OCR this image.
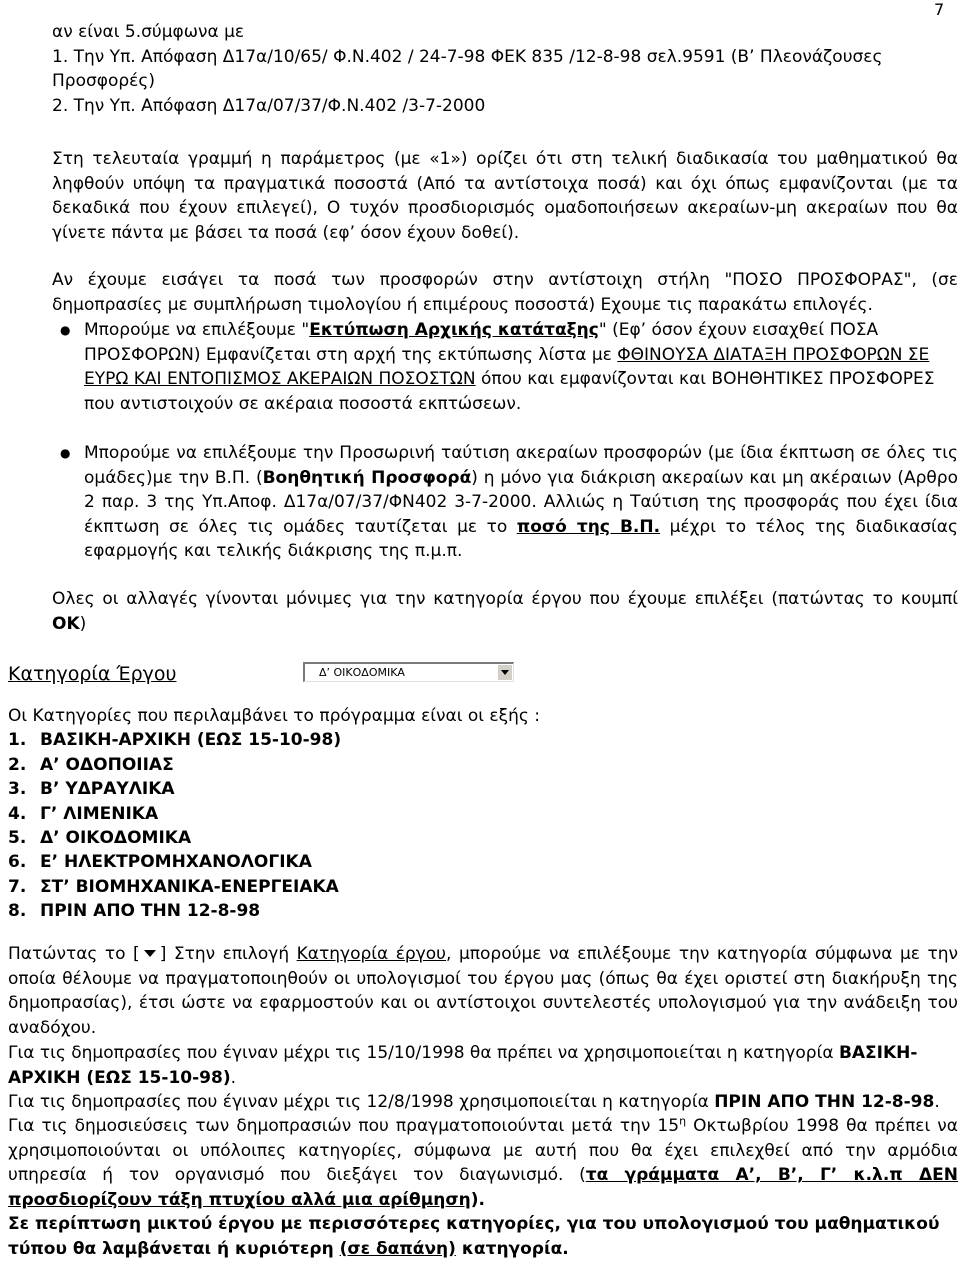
7
αν είναι 5.σύμφωνα με
1. Την Υπ. Απόφαση Δ17α/10/65/ Φ.Ν.402 / 24-7-98 ΦΕΚ 835 /12-8-98 σελ.9591 (Β’ Πλεονάζουσες Προσφορές)
2. Την Υπ. Απόφαση Δ17α/07/37/Φ.Ν.402 /3-7-2000
Στη τελευταία γραμμή η παράμετρος (με «1») ορίζει ότι στη τελική διαδικασία του μαθηματικού θα ληφθούν υπόψη τα πραγματικά ποσοστά (Από τα αντίστοιχα ποσά) και όχι όπως εμφανίζονται (με τα δεκαδικά που έχουν επιλεγεί), Ο τυχόν προσδιορισμός ομαδοποιήσεων ακεραίων-μη ακεραίων που θα γίνετε πάντα με βάσει τα ποσά (εφ’ όσον έχουν δοθεί).
Αν έχουμε εισάγει τα ποσά των προσφορών στην αντίστοιχη στήλη "ΠΟΣΟ ΠΡΟΣΦΟΡΑΣ", (σε δημοπρασίες με συμπλήρωση τιμολογίου ή επιμέρους ποσοστά) Εχουμε τις παρακάτω επιλογές.
● Μπορούμε να επιλέξουμε "Εκτύπωση Αρχικής κατάταξης" (Εφ’ όσον έχουν εισαχθεί ΠΟΣΑ ΠΡΟΣΦΟΡΩΝ) Εμφανίζεται στη αρχή της εκτύπωσης λίστα με ΦΘΙΝΟΥΣΑ ΔΙΑΤΑΞΗ ΠΡΟΣΦΟΡΩΝ ΣΕ ΕΥΡΩ ΚΑΙ ΕΝΤΟΠΙΣΜΟΣ ΑΚΕΡΑΙΩΝ ΠΟΣΟΣΤΩΝ όπου και εμφανίζονται και ΒΟΗΘΗΤΙΚΕΣ ΠΡΟΣΦΟΡΕΣ που αντιστοιχούν σε ακέραια ποσοστά εκπτώσεων.
● Μπορούμε να επιλέξουμε την Προσωρινή ταύτιση ακεραίων προσφορών (με ίδια έκπτωση σε όλες τις ομάδες)με την Β.Π. (Βοηθητική Προσφορά) η μόνο για διάκριση ακεραίων και μη ακέραιων (Αρθρο 2 παρ. 3 της Υπ.Αποφ. Δ17α/07/37/ΦΝ402 3-7-2000. Αλλιώς η Ταύτιση της προσφοράς που έχει ίδια έκπτωση σε όλες τις ομάδες ταυτίζεται με το ποσό της Β.Π. μέχρι το τέλος της διαδικασίας εφαρμογής και τελικής διάκρισης της π.μ.π.
Ολες οι αλλαγές γίνονται μόνιμες για την κατηγορία έργου που έχουμε επιλέξει (πατώντας το κουμπί ΟΚ)
Κατηγορία Έργου	Δ’ ΟΙΚΟΔΟΜΙΚΑ
Οι Κατηγορίες που περιλαμβάνει το πρόγραμμα είναι οι εξής :
1. ΒΑΣΙΚΗ-ΑΡΧΙΚΗ (ΕΩΣ 15-10-98)
2. Α’ ΟΔΟΠΟΙΙΑΣ
3. Β’ ΥΔΡΑΥΛΙΚΑ
4. Γ’ ΛΙΜΕΝΙΚΑ
5. Δ’ ΟΙΚΟΔΟΜΙΚΑ
6. Ε’ ΗΛΕΚΤΡΟΜΗΧΑΝΟΛΟΓΙΚΑ
7. ΣΤ’ ΒΙΟΜΗΧΑΝΙΚΑ-ΕΝΕΡΓΕΙΑΚΑ
8. ΠΡΙΝ ΑΠΟ ΤΗΝ 12-8-98
Πατώντας το [ ] Στην επιλογή Κατηγορία έργου, μπορούμε να επιλέξουμε την κατηγορία σύμφωνα με την οποία θέλουμε να πραγματοποιηθούν οι υπολογισμοί του έργου μας (όπως θα έχει οριστεί στη διακήρυξη της δημοπρασίας), έτσι ώστε να εφαρμοστούν και οι αντίστοιχοι συντελεστές υπολογισμού για την ανάδειξη του αναδόχου.
Για τις δημοπρασίες που έγιναν μέχρι τις 15/10/1998 θα πρέπει να χρησιμοποιείται η κατηγορία ΒΑΣΙΚΗ-ΑΡΧΙΚΗ (ΕΩΣ 15-10-98).
Για τις δημοπρασίες που έγιναν μέχρι τις 12/8/1998 χρησιμοποιείται η κατηγορία ΠΡΙΝ ΑΠΟ ΤΗΝ 12-8-98.
Για τις δημοσιεύσεις των δημοπρασιών που πραγματοποιούνται μετά την $15^\eta$ Οκτωβρίου 1998 θα πρέπει να χρησιμοποιούνται οι υπόλοιπες κατηγορίες, σύμφωνα με αυτή που θα έχει επιλεχθεί από την αρμόδια υπηρεσία ή τον οργανισμό που διεξάγει τον διαγωνισμό. (τα γράμματα Α’, Β’, Γ’ κ.λ.π ΔΕΝ προσδιορίζουν τάξη πτυχίου αλλά μια αρίθμηση).
Σε περίπτωση μικτού έργου με περισσότερες κατηγορίες, για του υπολογισμού του μαθηματικού τύπου θα λαμβάνεται ή κυριότερη (σε δαπάνη) κατηγορία.
